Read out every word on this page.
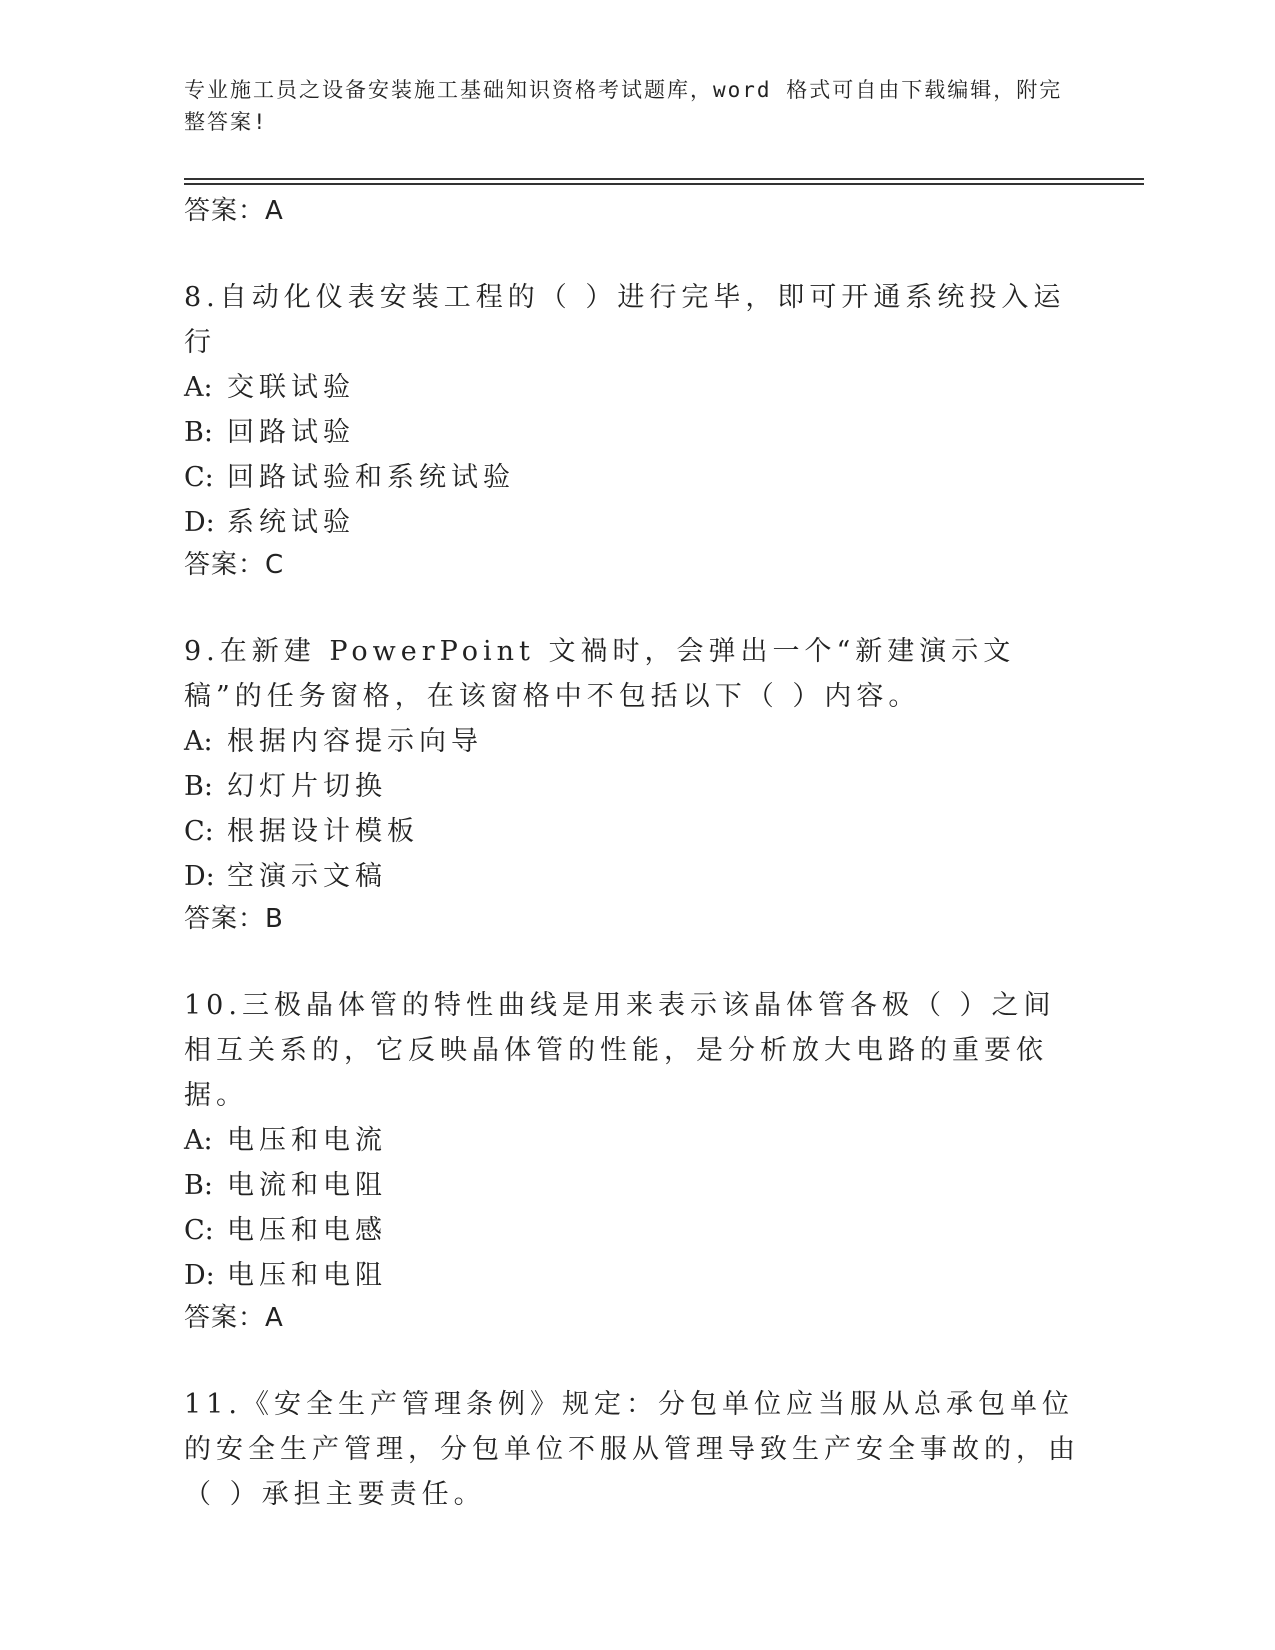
专业施工员之设备安装施工基础知识资格考试题库，word 格式可自由下载编辑，附完整答案!
答案：A
8.自动化仪表安装工程的（ ）进行完毕，即可开通系统投入运行
A: 交联试验
B: 回路试验
C: 回路试验和系统试验
D: 系统试验
答案：C
9.在新建 PowerPoint 文禍时，会弹出一个“新建演示文稿”的任务窗格，在该窗格中不包括以下（ ）内容。
A: 根据内容提示向导
B: 幻灯片切换
C: 根据设计模板
D: 空演示文稿
答案：B
10.三极晶体管的特性曲线是用来表示该晶体管各极（ ）之间相互关系的，它反映晶体管的性能，是分析放大电路的重要依据。
A: 电压和电流
B: 电流和电阻
C: 电压和电感
D: 电压和电阻
答案：A
11.《安全生产管理条例》规定：分包单位应当服从总承包单位的安全生产管理，分包单位不服从管理导致生产安全事故的，由（ ）承担主要责任。
